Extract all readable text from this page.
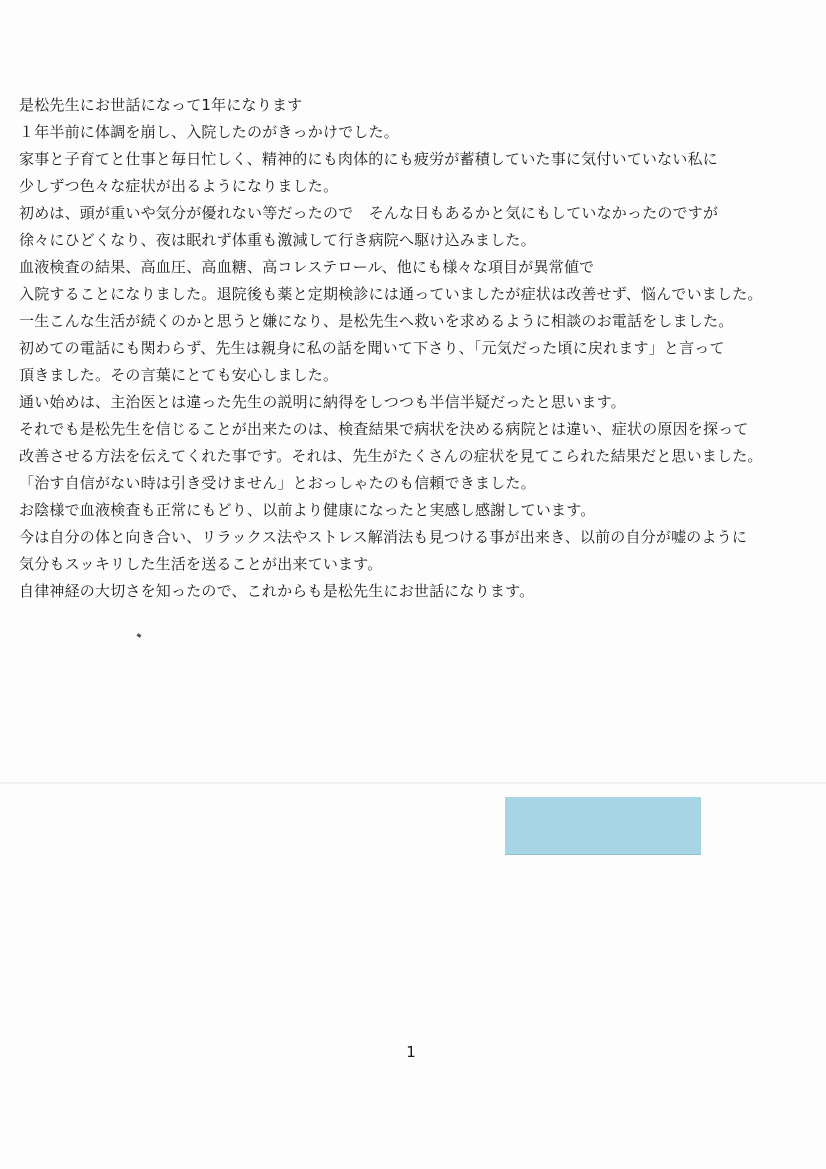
是松先生にお世話になって1年になります
１年半前に体調を崩し、入院したのがきっかけでした。
家事と子育てと仕事と毎日忙しく、精神的にも肉体的にも疲労が蓄積していた事に気付いていない私に
少しずつ色々な症状が出るようになりました。
初めは、頭が重いや気分が優れない等だったので　そんな日もあるかと気にもしていなかったのですが
徐々にひどくなり、夜は眠れず体重も激減して行き病院へ駆け込みました。
血液検査の結果、高血圧、高血糖、高コレステロール、他にも様々な項目が異常値で
入院することになりました。退院後も薬と定期検診には通っていましたが症状は改善せず、悩んでいました。
一生こんな生活が続くのかと思うと嫌になり、是松先生へ救いを求めるように相談のお電話をしました。
初めての電話にも関わらず、先生は親身に私の話を聞いて下さり、「元気だった頃に戻れます」と言って
頂きました。その言葉にとても安心しました。
通い始めは、主治医とは違った先生の説明に納得をしつつも半信半疑だったと思います。
それでも是松先生を信じることが出来たのは、検査結果で病状を決める病院とは違い、症状の原因を探って
改善させる方法を伝えてくれた事です。それは、先生がたくさんの症状を見てこられた結果だと思いました。
「治す自信がない時は引き受けません」とおっしゃたのも信頼できました。
お陰様で血液検査も正常にもどり、以前より健康になったと実感し感謝しています。
今は自分の体と向き合い、リラックス法やストレス解消法も見つける事が出来き、以前の自分が嘘のように
気分もスッキリした生活を送ることが出来ています。
自律神経の大切さを知ったので、これからも是松先生にお世話になります。
1
